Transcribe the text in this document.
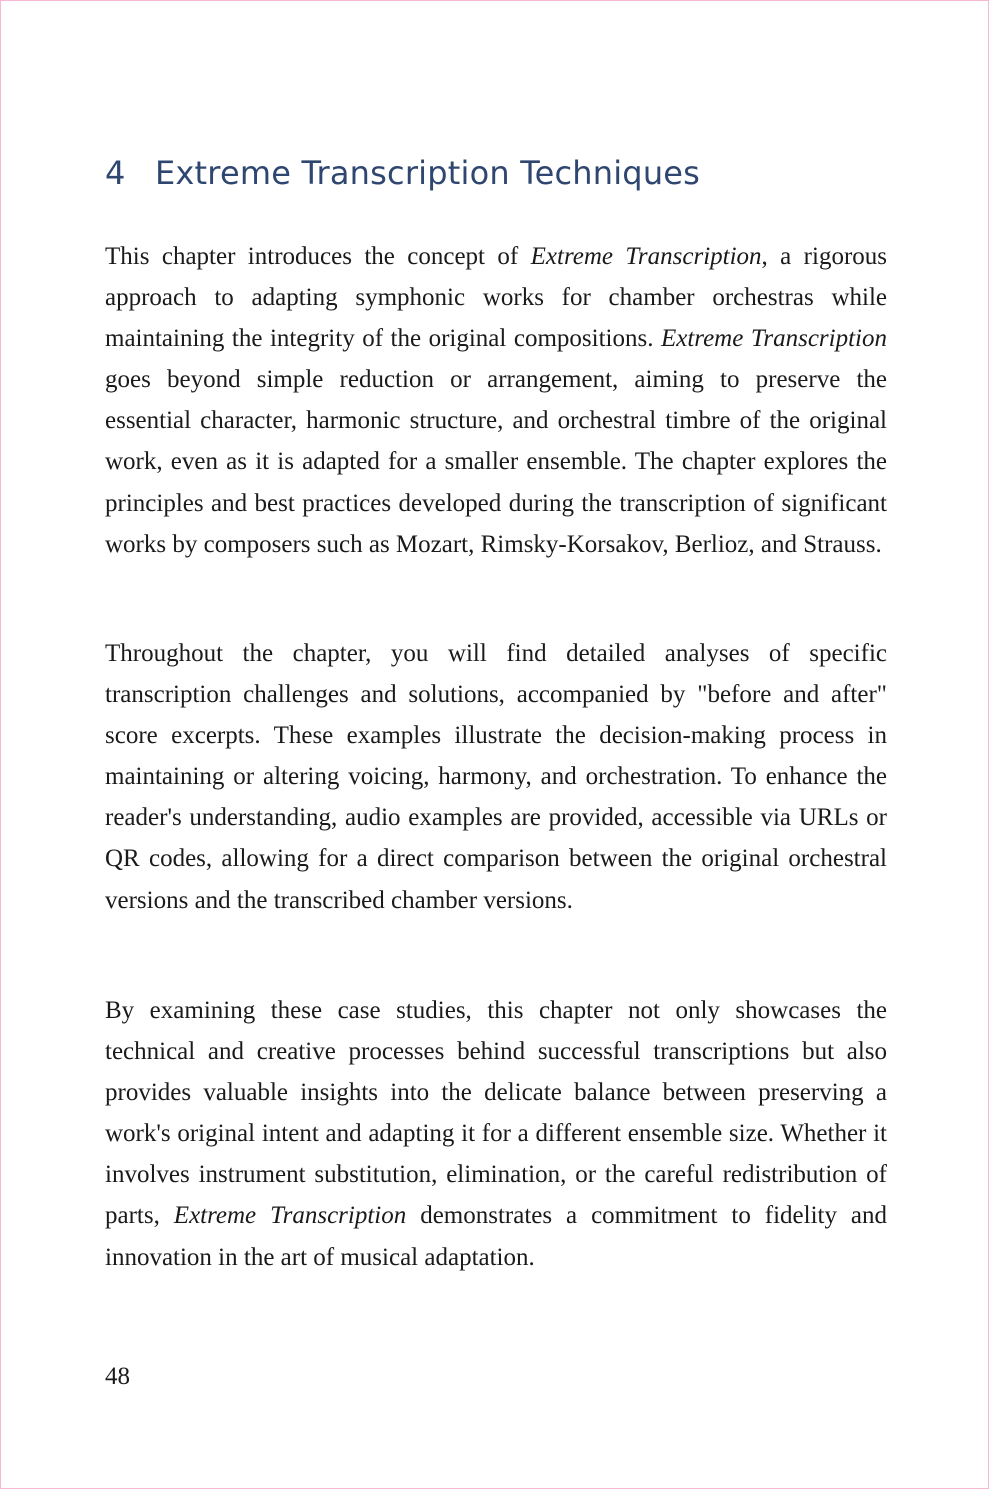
4 Extreme Transcription Techniques

This chapter introduces the concept of Extreme Transcription, a rigorous approach to adapting symphonic works for chamber orchestras while maintaining the integrity of the original compositions. Extreme Transcription goes beyond simple reduction or arrangement, aiming to preserve the essential character, harmonic structure, and orchestral timbre of the original work, even as it is adapted for a smaller ensemble. The chapter explores the principles and best practices developed during the transcription of significant works by composers such as Mozart, Rimsky-Korsakov, Berlioz, and Strauss.

Throughout the chapter, you will find detailed analyses of specific transcription challenges and solutions, accompanied by "before and after" score excerpts. These examples illustrate the decision-making process in maintaining or altering voicing, harmony, and orchestration. To enhance the reader's understanding, audio examples are provided, accessible via URLs or QR codes, allowing for a direct comparison between the original orchestral versions and the transcribed chamber versions.

By examining these case studies, this chapter not only showcases the technical and creative processes behind successful transcriptions but also provides valuable insights into the delicate balance between preserving a work's original intent and adapting it for a different ensemble size. Whether it involves instrument substitution, elimination, or the careful redistribution of parts, Extreme Transcription demonstrates a commitment to fidelity and innovation in the art of musical adaptation.

48
